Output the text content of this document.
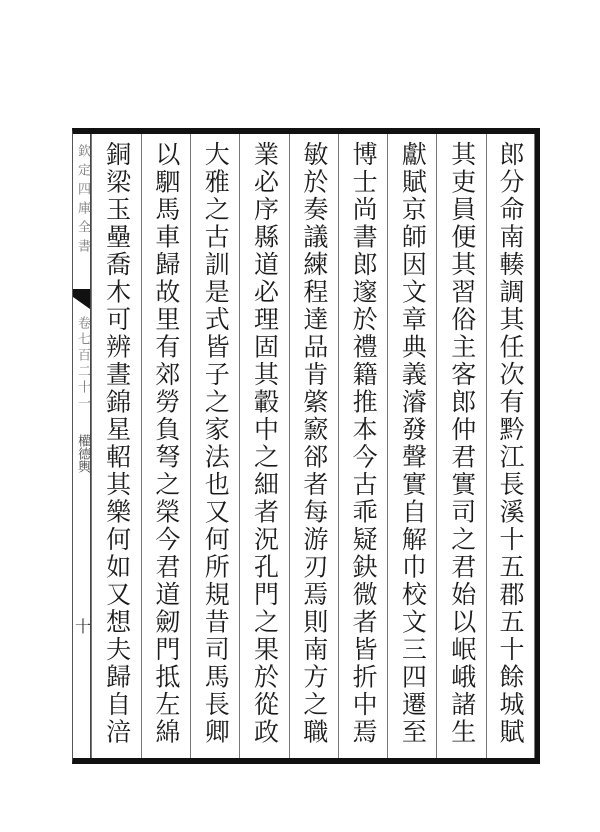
欽定四庫全書
卷七百二十一
權德輿
十	郎分命南輳調其任次有黔江長溪十五郡五十餘城賦
其吏員便其習俗主客郎仲君實司之君始以岷峨諸生
獻賦京師因文章典義濬發聲實自解巾校文三四遷至
博士尚書郎邃於禮籍推本今古乖疑鈌微者皆折中焉
敏於奏議練程達品肯綮窾郤者每游刃焉則南方之職
業必序縣道必理固其轂中之細者況孔門之果於從政
大雅之古訓是式皆子之家法也又何所規昔司馬長卿
以駟馬車歸故里有郊勞負弩之榮今君道劒門抵左綿
銅梁玉壘喬木可辨晝錦星軺其樂何如又想夫歸自涪
